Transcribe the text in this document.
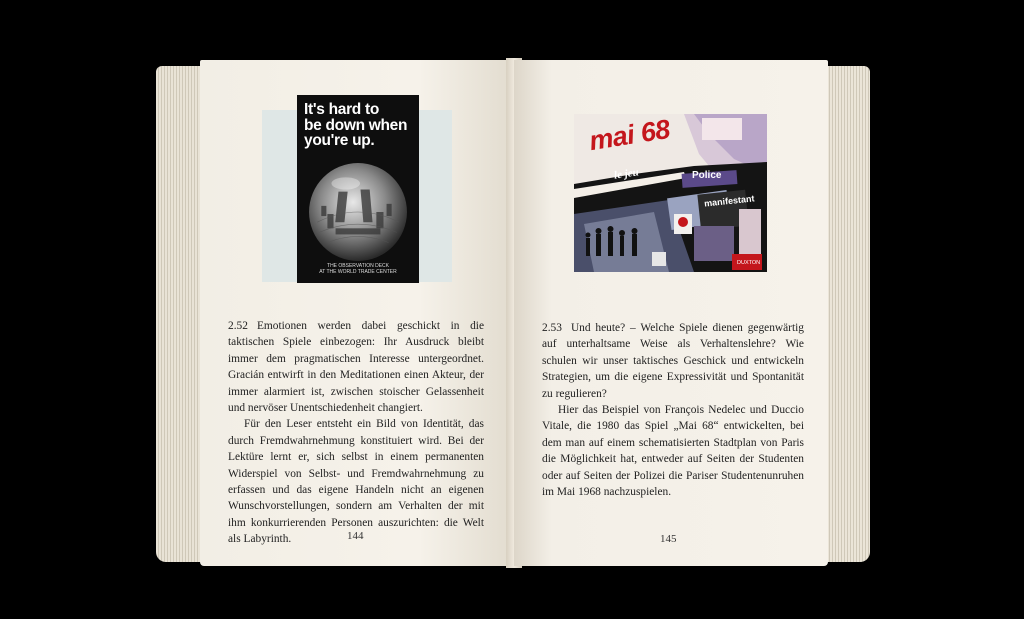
It's hard to
be down when
you're up.
THE OBSERVATION DECK
AT THE WORLD TRADE CENTER

2.52 Emotionen werden dabei geschickt in die taktischen Spiele einbezogen: Ihr Ausdruck bleibt immer dem pragmatischen Interesse untergeordnet. Gracián entwirft in den Meditationen einen Akteur, der immer alarmiert ist, zwischen stoischer Gelassenheit und nervöser Unentschiedenheit changiert.

Für den Leser entsteht ein Bild von Identität, das durch Fremdwahrnehmung konstituiert wird. Bei der Lektüre lernt er, sich selbst in einem permanenten Widerspiel von Selbst- und Fremdwahrnehmung zu erfassen und das eigene Handeln nicht an eigenen Wunschvorstellungen, sondern am Verhalten der mit ihm konkurrierenden Personen auszurichten: die Welt als Labyrinth.	144
mai 68
le jeu	Police
manifestant
DUXTON

2.53 Und heute? – Welche Spiele dienen gegenwärtig auf unterhaltsame Weise als Verhaltenslehre? Wie schulen wir unser taktisches Geschick und entwickeln Strategien, um die eigene Expressivität und Spontanität zu regulieren?

Hier das Beispiel von François Nedelec und Duccio Vitale, die 1980 das Spiel „Mai 68“ entwickelten, bei dem man auf einem schematisierten Stadtplan von Paris die Möglichkeit hat, entweder auf Seiten der Studenten oder auf Seiten der Polizei die Pariser Studentenunruhen im Mai 1968 nachzuspielen.

145
